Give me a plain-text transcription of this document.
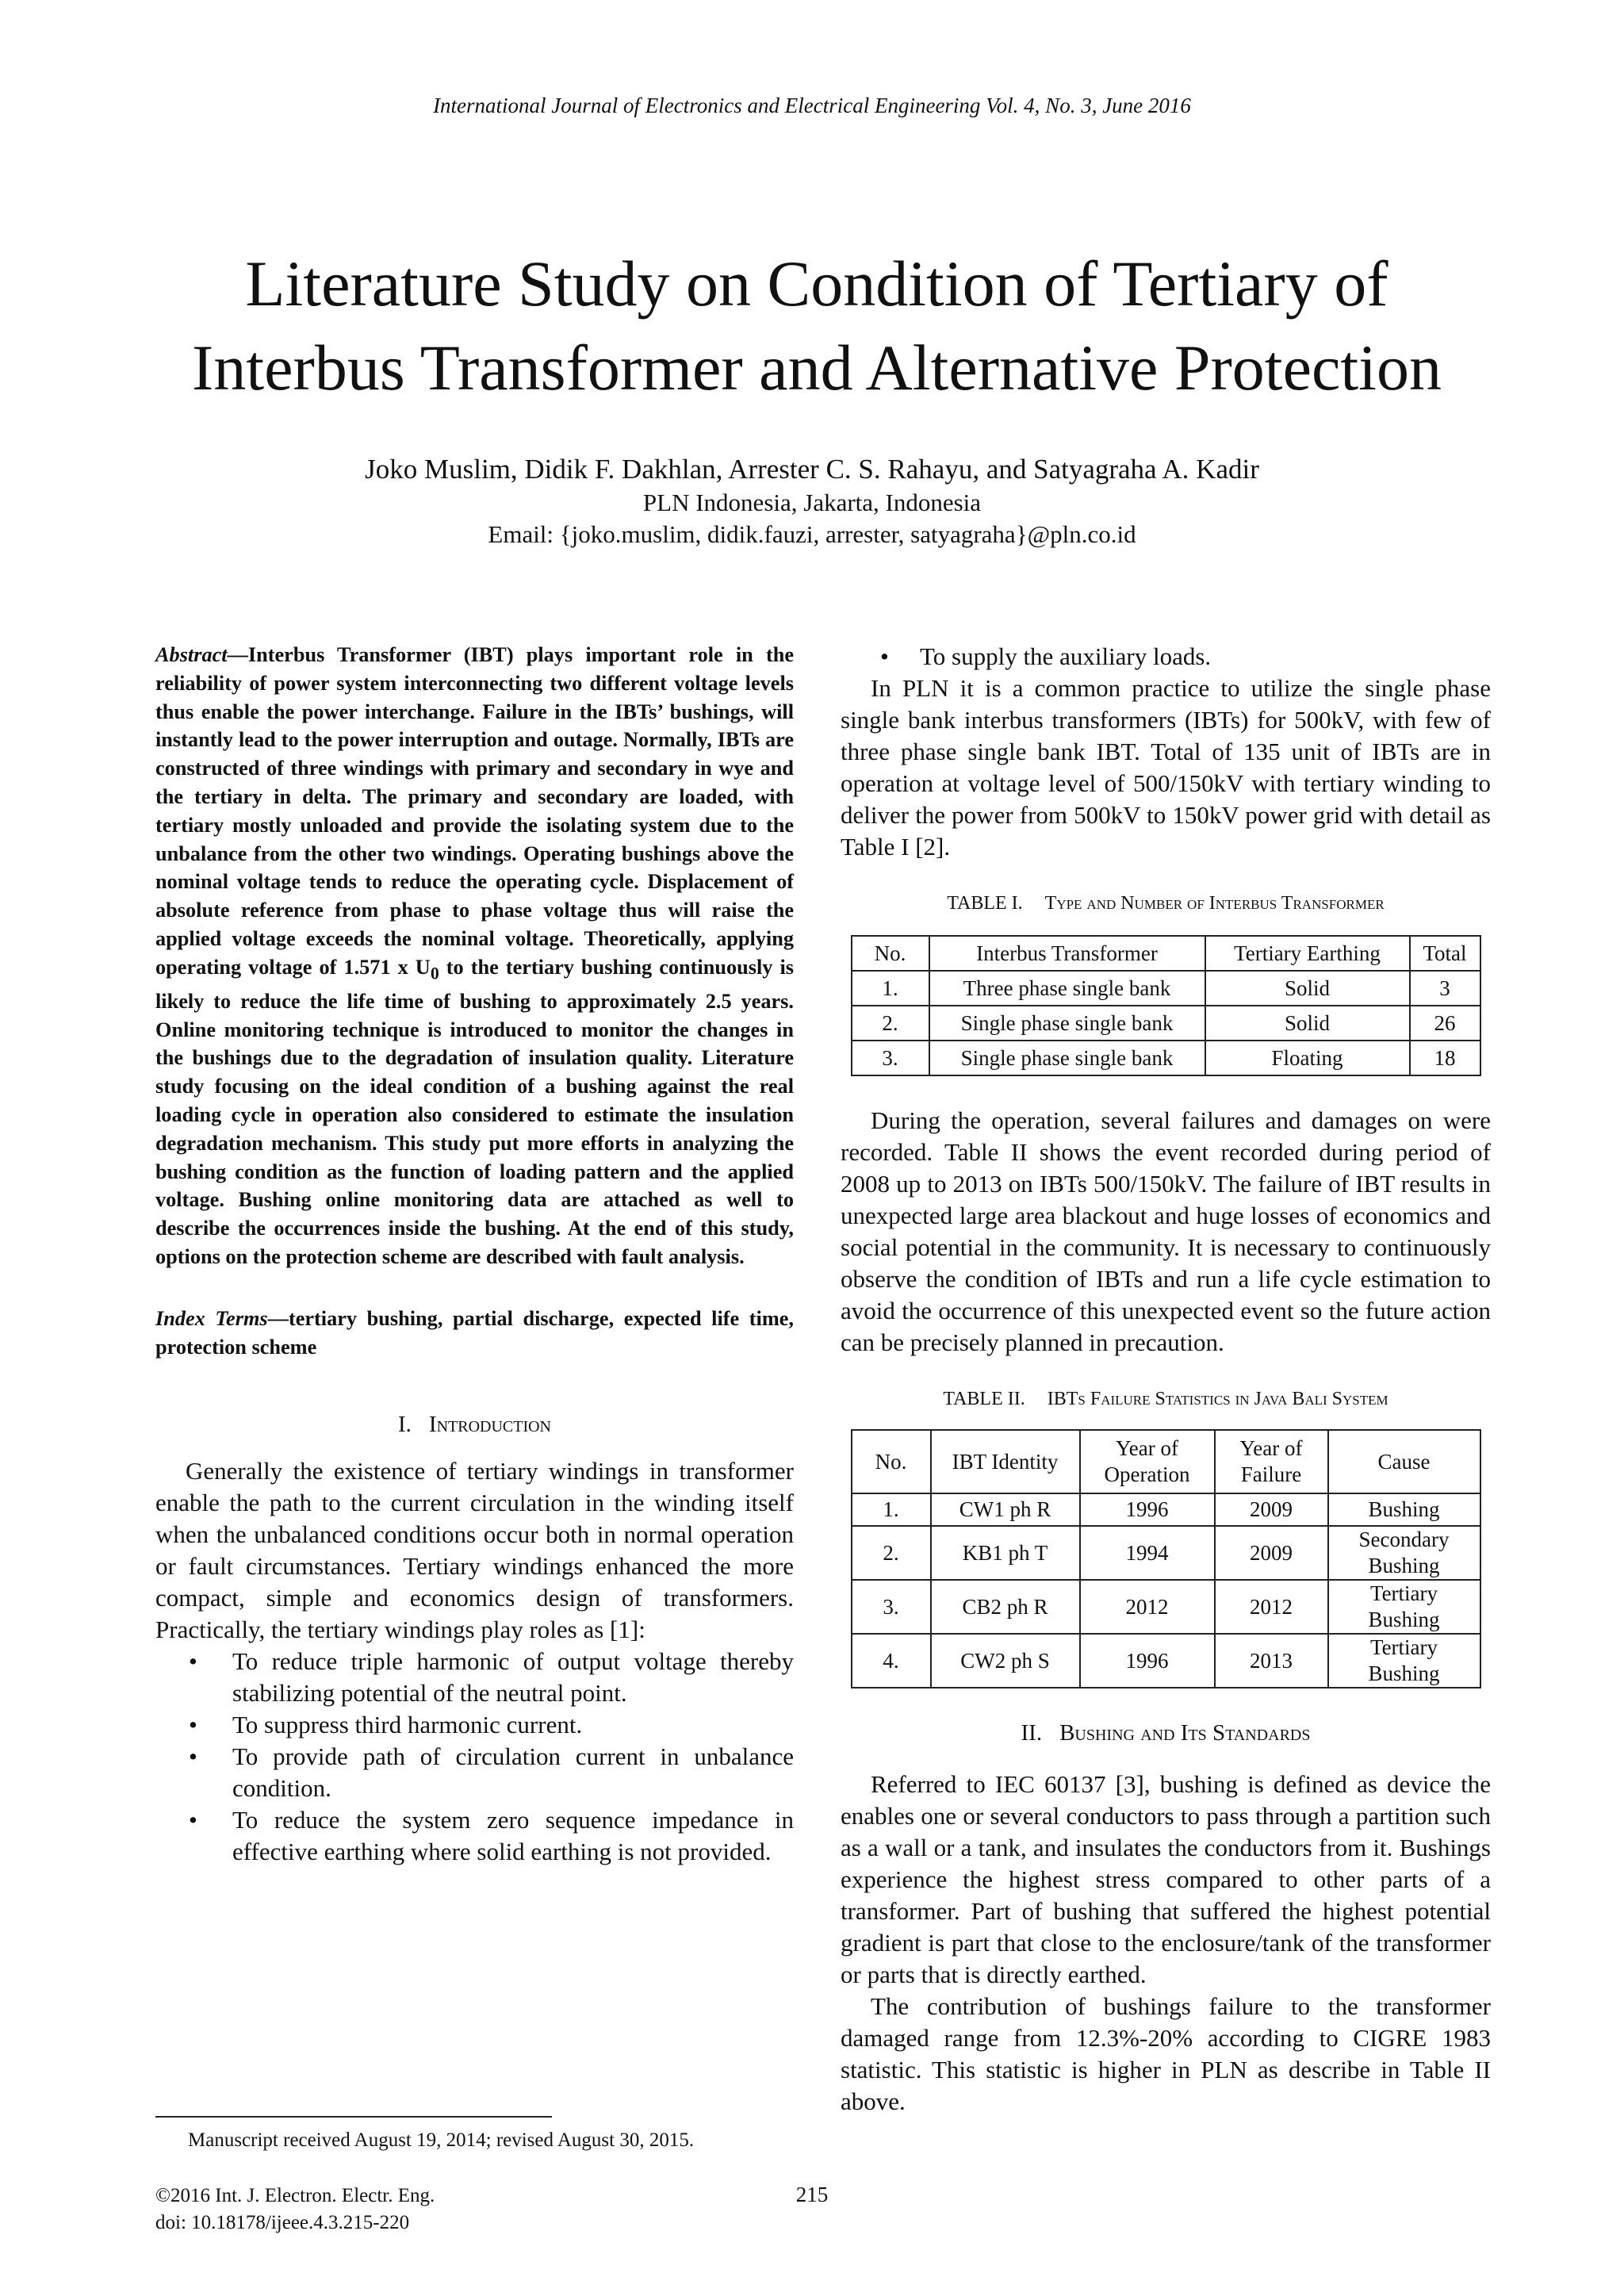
International Journal of Electronics and Electrical Engineering Vol. 4, No. 3, June 2016
Literature Study on Condition of Tertiary of
Interbus Transformer and Alternative Protection
Joko Muslim, Didik F. Dakhlan, Arrester C. S. Rahayu, and Satyagraha A. Kadir
PLN Indonesia, Jakarta, Indonesia
Email: {joko.muslim, didik.fauzi, arrester, satyagraha}@pln.co.id

Abstract—Interbus Transformer (IBT) plays important role in the reliability of power system interconnecting two different voltage levels thus enable the power interchange. Failure in the IBTs’ bushings, will instantly lead to the power interruption and outage. Normally, IBTs are constructed of three windings with primary and secondary in wye and the tertiary in delta. The primary and secondary are loaded, with tertiary mostly unloaded and provide the isolating system due to the unbalance from the other two windings. Operating bushings above the nominal voltage tends to reduce the operating cycle. Displacement of absolute reference from phase to phase voltage thus will raise the applied voltage exceeds the nominal voltage. Theoretically, applying operating voltage of 1.571 x $U_0$ to the tertiary bushing continuously is likely to reduce the life time of bushing to approximately 2.5 years. Online monitoring technique is introduced to monitor the changes in the bushings due to the degradation of insulation quality. Literature study focusing on the ideal condition of a bushing against the real loading cycle in operation also considered to estimate the insulation degradation mechanism. This study put more efforts in analyzing the bushing condition as the function of loading pattern and the applied voltage. Bushing online monitoring data are attached as well to describe the occurrences inside the bushing. At the end of this study, options on the protection scheme are described with fault analysis.

Index Terms—tertiary bushing, partial discharge, expected life time, protection scheme
I. Introduction

Generally the existence of tertiary windings in transformer enable the path to the current circulation in the winding itself when the unbalanced conditions occur both in normal operation or fault circumstances. Tertiary windings enhanced the more compact, simple and economics design of transformers. Practically, the tertiary windings play roles as [1]:

• To reduce triple harmonic of output voltage thereby stabilizing potential of the neutral point.
• To suppress third harmonic current.
• To provide path of circulation current in unbalance condition.
• To reduce the system zero sequence impedance in effective earthing where solid earthing is not provided.
• To supply the auxiliary loads.

In PLN it is a common practice to utilize the single phase single bank interbus transformers (IBTs) for 500kV, with few of three phase single bank IBT. Total of 135 unit of IBTs are in operation at voltage level of 500/150kV with tertiary winding to deliver the power from 500kV to 150kV power grid with detail as Table I [2].

TABLE I. Type and Number of Interbus Transformer

No.	Interbus Transformer	Tertiary Earthing	Total
1.	Three phase single bank	Solid	3
2.	Single phase single bank	Solid	26
3.	Single phase single bank	Floating	18

During the operation, several failures and damages on were recorded. Table II shows the event recorded during period of 2008 up to 2013 on IBTs 500/150kV. The failure of IBT results in unexpected large area blackout and huge losses of economics and social potential in the community. It is necessary to continuously observe the condition of IBTs and run a life cycle estimation to avoid the occurrence of this unexpected event so the future action can be precisely planned in precaution.

TABLE II. IBTs Failure Statistics in Java Bali System

No.	IBT Identity	Year of Operation	Year of Failure	Cause
1.	CW1 ph R	1996	2009	Bushing
2.	KB1 ph T	1994	2009	Secondary Bushing
3.	CB2 ph R	2012	2012	Tertiary Bushing
4.	CW2 ph S	1996	2013	Tertiary Bushing
II. Bushing and Its Standards

Referred to IEC 60137 [3], bushing is defined as device the enables one or several conductors to pass through a partition such as a wall or a tank, and insulates the conductors from it. Bushings experience the highest stress compared to other parts of a transformer. Part of bushing that suffered the highest potential gradient is part that close to the enclosure/tank of the transformer or parts that is directly earthed.

The contribution of bushings failure to the transformer damaged range from 12.3%-20% according to CIGRE 1983 statistic. This statistic is higher in PLN as describe in Table II above.

Manuscript received August 19, 2014; revised August 30, 2015.
©2016 Int. J. Electron. Electr. Eng.
doi: 10.18178/ijeee.4.3.215-220
215
